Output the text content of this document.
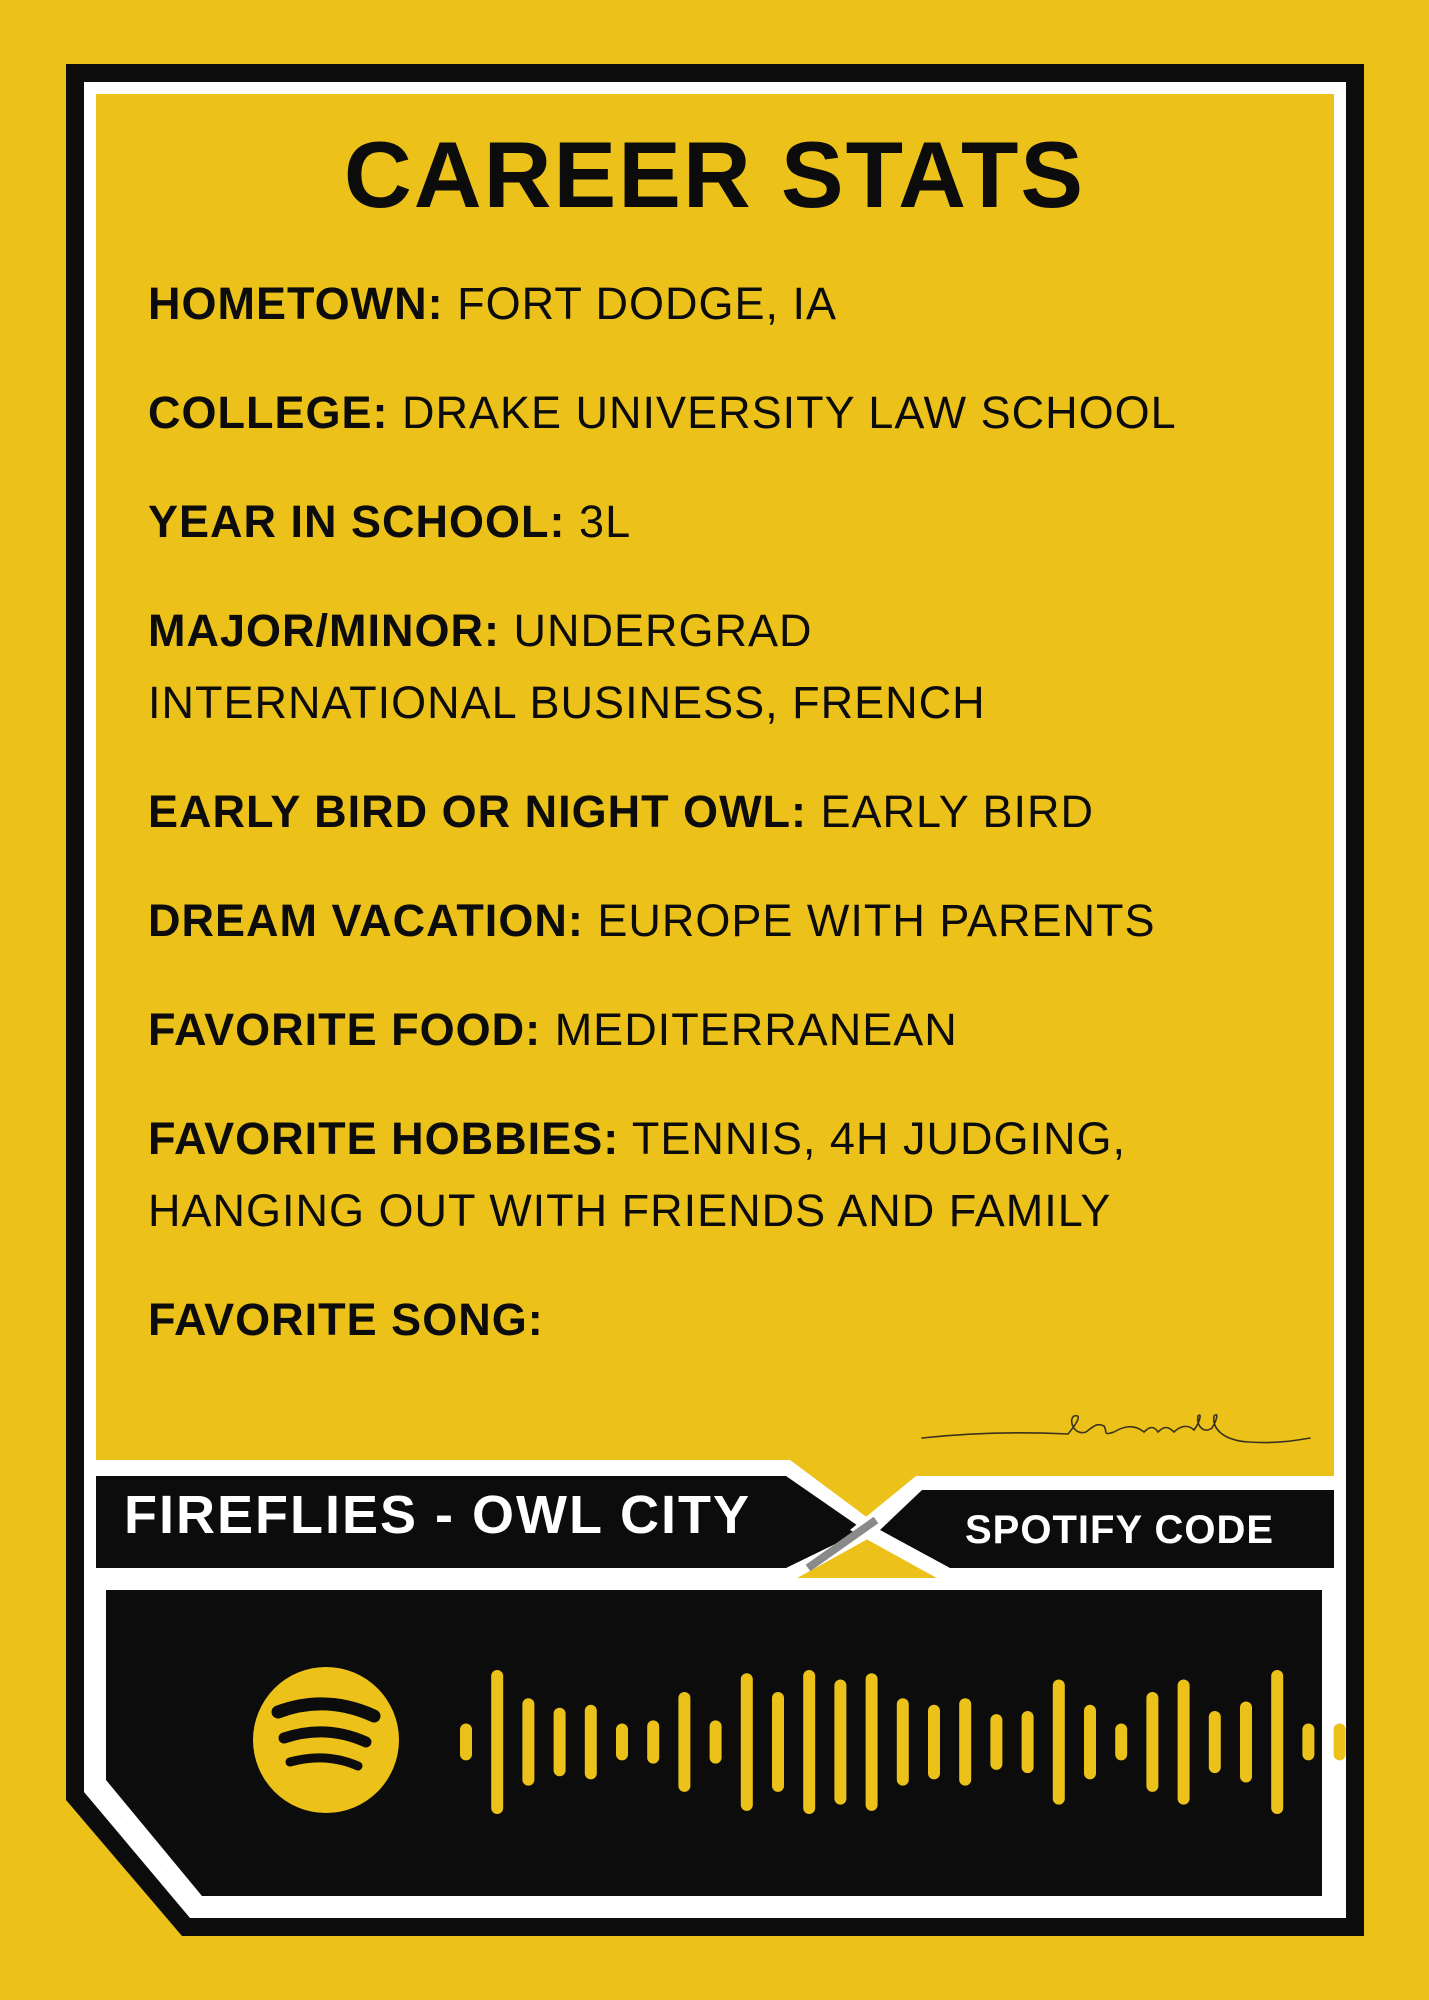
CAREER STATS
HOMETOWN: FORT DODGE, IA
COLLEGE: DRAKE UNIVERSITY LAW SCHOOL
YEAR IN SCHOOL: 3L
MAJOR/MINOR: UNDERGRAD INTERNATIONAL BUSINESS, FRENCH
EARLY BIRD OR NIGHT OWL: EARLY BIRD
DREAM VACATION: EUROPE WITH PARENTS
FAVORITE FOOD: MEDITERRANEAN
FAVORITE HOBBIES: TENNIS, 4H JUDGING, HANGING OUT WITH FRIENDS AND FAMILY
FAVORITE SONG:
FIREFLIES - OWL CITY	SPOTIFY CODE
